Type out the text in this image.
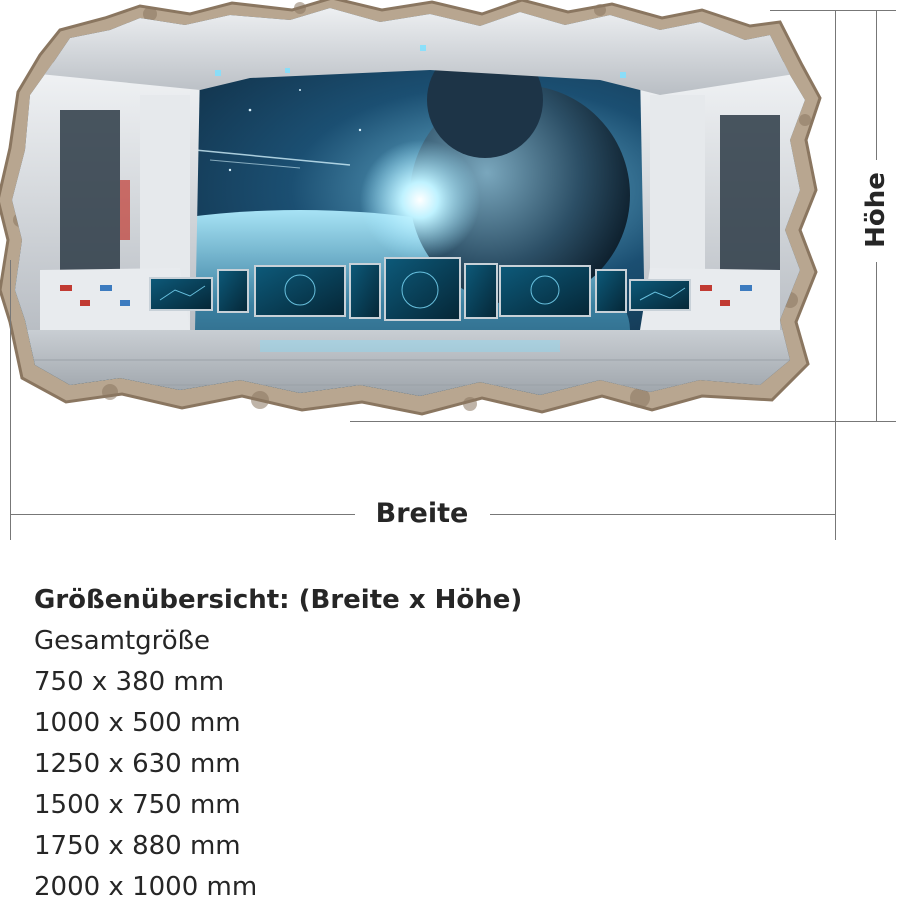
Breite
Höhe

Größenübersicht: (Breite x Höhe)

Gesamtgröße

750 x 380 mm
1000 x 500 mm
1250 x 630 mm
1500 x 750 mm
1750 x 880 mm
2000 x 1000 mm
